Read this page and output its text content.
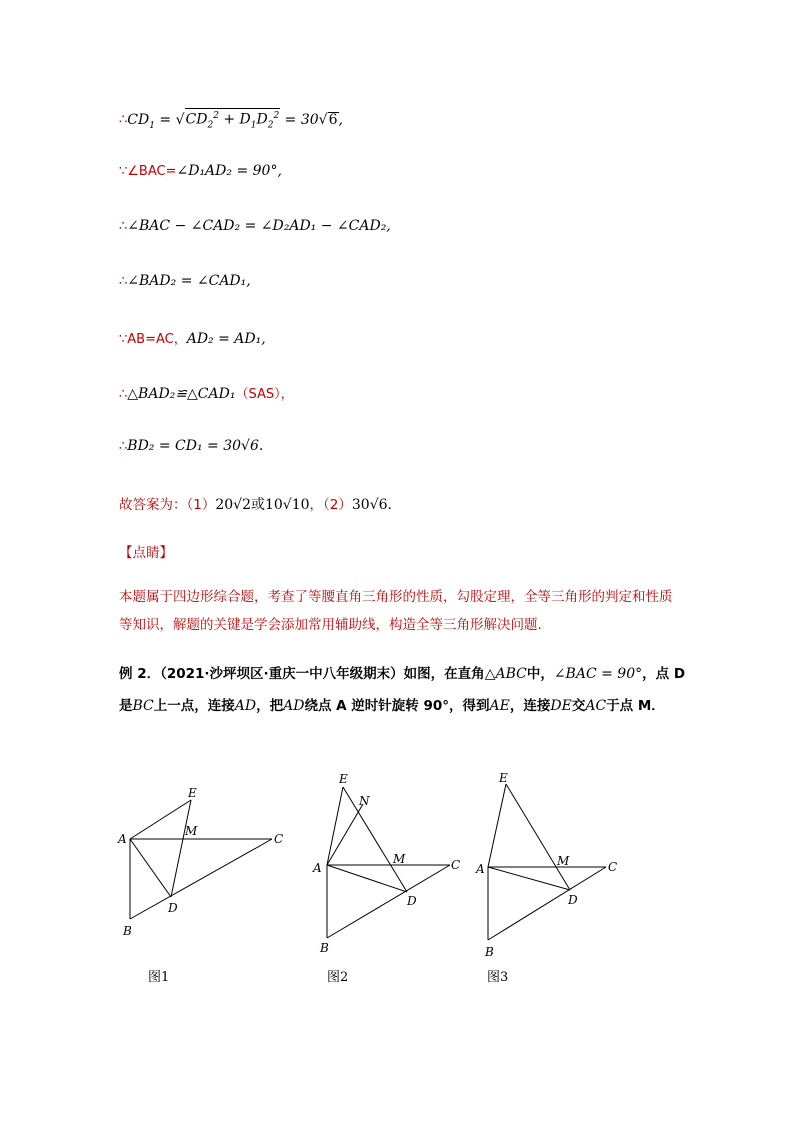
$\therefore CD_1 = √CD_2^2 + D_1D_2^2 = 30√6$,
∵∠BAC=∠D₁AD₂ = 90°,
∴∠BAC − ∠CAD₂ = ∠D₂AD₁ − ∠CAD₂,
∴∠BAD₂ = ∠CAD₁,
∵AB=AC，AD₂ = AD₁,
∴△BAD₂≌△CAD₁（SAS），
∴BD₂ = CD₁ = 30√6.
故答案为：（1）20√2或10√10，（2）30√6.
【点睛】
本题属于四边形综合题，考查了等腰直角三角形的性质，勾股定理，全等三角形的判定和性质等知识，解题的关键是学会添加常用辅助线，构造全等三角形解决问题.
例 2．（2021·沙坪坝区·重庆一中八年级期末）如图，在直角△ABC中，∠BAC = 90°，点 D 是BC上一点，连接AD，把AD绕点 A 逆时针旋转 90°，得到AE，连接DE交AC于点 M．
E
M
A	C
D
B
图1
E
N
M
A	C
D
B
图2
E
M
A	C
D
B
图3
